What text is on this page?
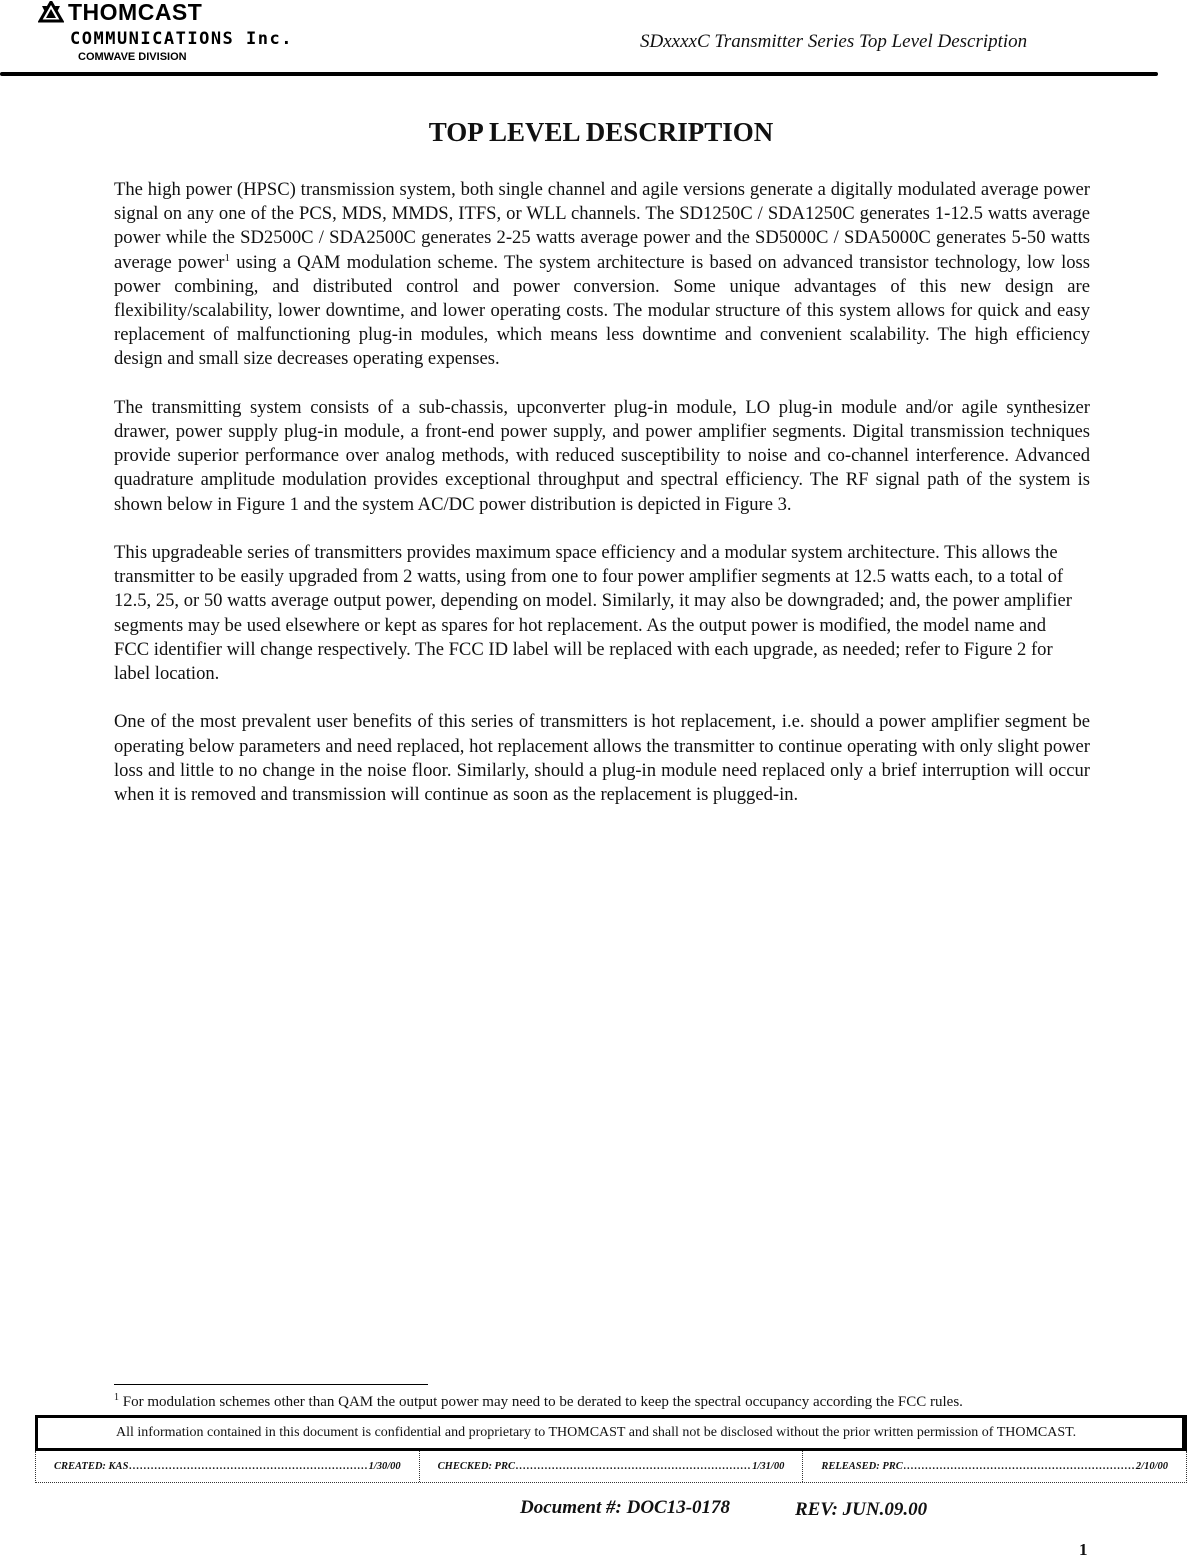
THOMCAST
COMMUNICATIONS Inc.
COMWAVE DIVISION
SDxxxxC Transmitter Series Top Level Description
TOP LEVEL DESCRIPTION

The high power (HPSC) transmission system, both single channel and agile versions generate a digitally modulated average power signal on any one of the PCS, MDS, MMDS, ITFS, or WLL channels. The SD1250C / SDA1250C generates 1-12.5 watts average power while the SD2500C / SDA2500C generates 2-25 watts average power and the SD5000C / SDA5000C generates 5-50 watts average power$^1$ using a QAM modulation scheme. The system architecture is based on advanced transistor technology, low loss power combining, and distributed control and power conversion. Some unique advantages of this new design are flexibility/scalability, lower downtime, and lower operating costs. The modular structure of this system allows for quick and easy replacement of malfunctioning plug-in modules, which means less downtime and convenient scalability. The high efficiency design and small size decreases operating expenses.

The transmitting system consists of a sub-chassis, upconverter plug-in module, LO plug-in module and/or agile synthesizer drawer, power supply plug-in module, a front-end power supply, and power amplifier segments. Digital transmission techniques provide superior performance over analog methods, with reduced susceptibility to noise and co-channel interference. Advanced quadrature amplitude modulation provides exceptional throughput and spectral efficiency. The RF signal path of the system is shown below in Figure 1 and the system AC/DC power distribution is depicted in Figure 3.

This upgradeable series of transmitters provides maximum space efficiency and a modular system architecture. This allows the transmitter to be easily upgraded from 2 watts, using from one to four power amplifier segments at 12.5 watts each, to a total of 12.5, 25, or 50 watts average output power, depending on model. Similarly, it may also be downgraded; and, the power amplifier segments may be used elsewhere or kept as spares for hot replacement. As the output power is modified, the model name and FCC identifier will change respectively. The FCC ID label will be replaced with each upgrade, as needed; refer to Figure 2 for label location.

One of the most prevalent user benefits of this series of transmitters is hot replacement, i.e. should a power amplifier segment be operating below parameters and need replaced, hot replacement allows the transmitter to continue operating with only slight power loss and little to no change in the noise floor. Similarly, should a plug-in module need replaced only a brief interruption will occur when it is removed and transmission will continue as soon as the replacement is plugged-in.

$^1$ For modulation schemes other than QAM the output power may need to be derated to keep the spectral occupancy according the FCC rules.
All information contained in this document is confidential and proprietary to THOMCAST and shall not be disclosed without the prior written permission of THOMCAST.
CREATED: KAS .....	1/30/00	CHECKED: PRC .....	1/31/00	RELEASED: PRC .....	2/10/00
Document #: DOC13-0178	REV: JUN.09.00
1
